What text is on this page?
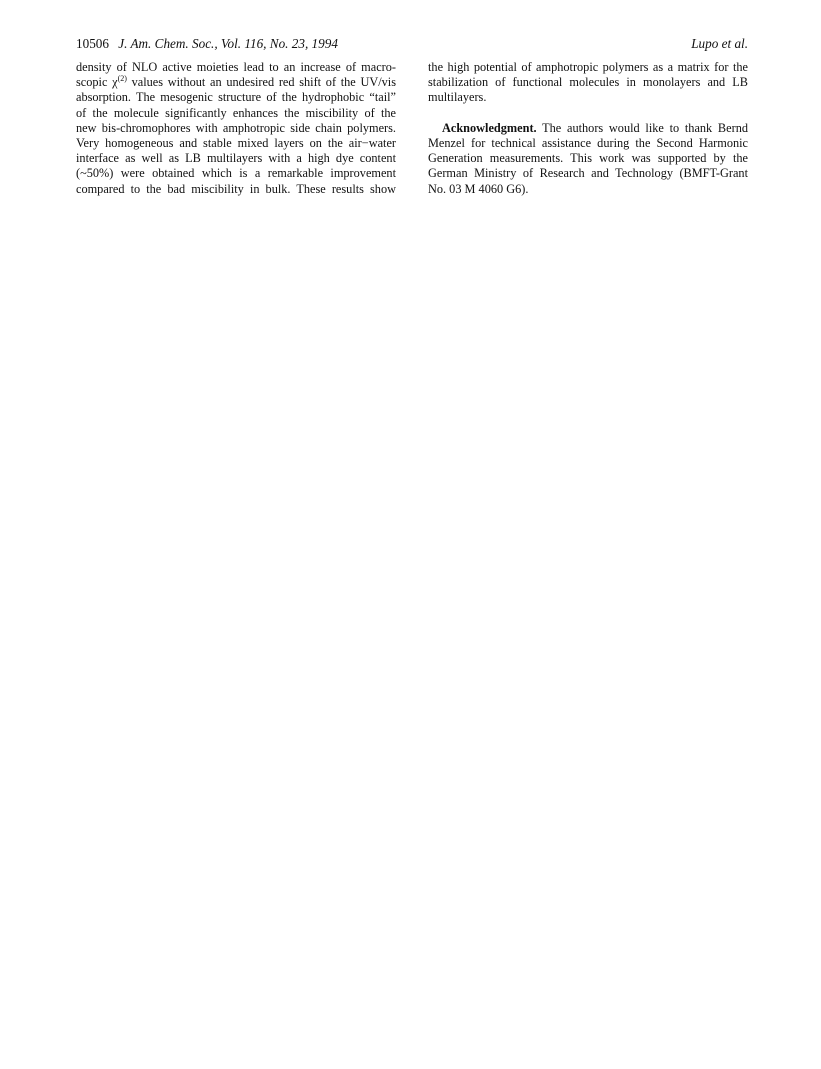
10506 J. Am. Chem. Soc., Vol. 116, No. 23, 1994	Lupo et al.
density of NLO active moieties lead to an increase of macro-
scopic $\chi^{(2)}$ values without an undesired red shift of the UV/vis
absorption. The mesogenic structure of the hydrophobic “tail”
of the molecule significantly enhances the miscibility of the
new bis-chromophores with amphotropic side chain polymers.
Very homogeneous and stable mixed layers on the air−water
interface as well as LB multilayers with a high dye content
(~50%) were obtained which is a remarkable improvement
compared to the bad miscibility in bulk. These results show
the high potential of amphotropic polymers as a matrix for the
stabilization of functional molecules in monolayers and LB
multilayers.
Acknowledgment. The authors would like to thank Bernd
Menzel for technical assistance during the Second Harmonic
Generation measurements. This work was supported by the
German Ministry of Research and Technology (BMFT-Grant
No. 03 M 4060 G6).
